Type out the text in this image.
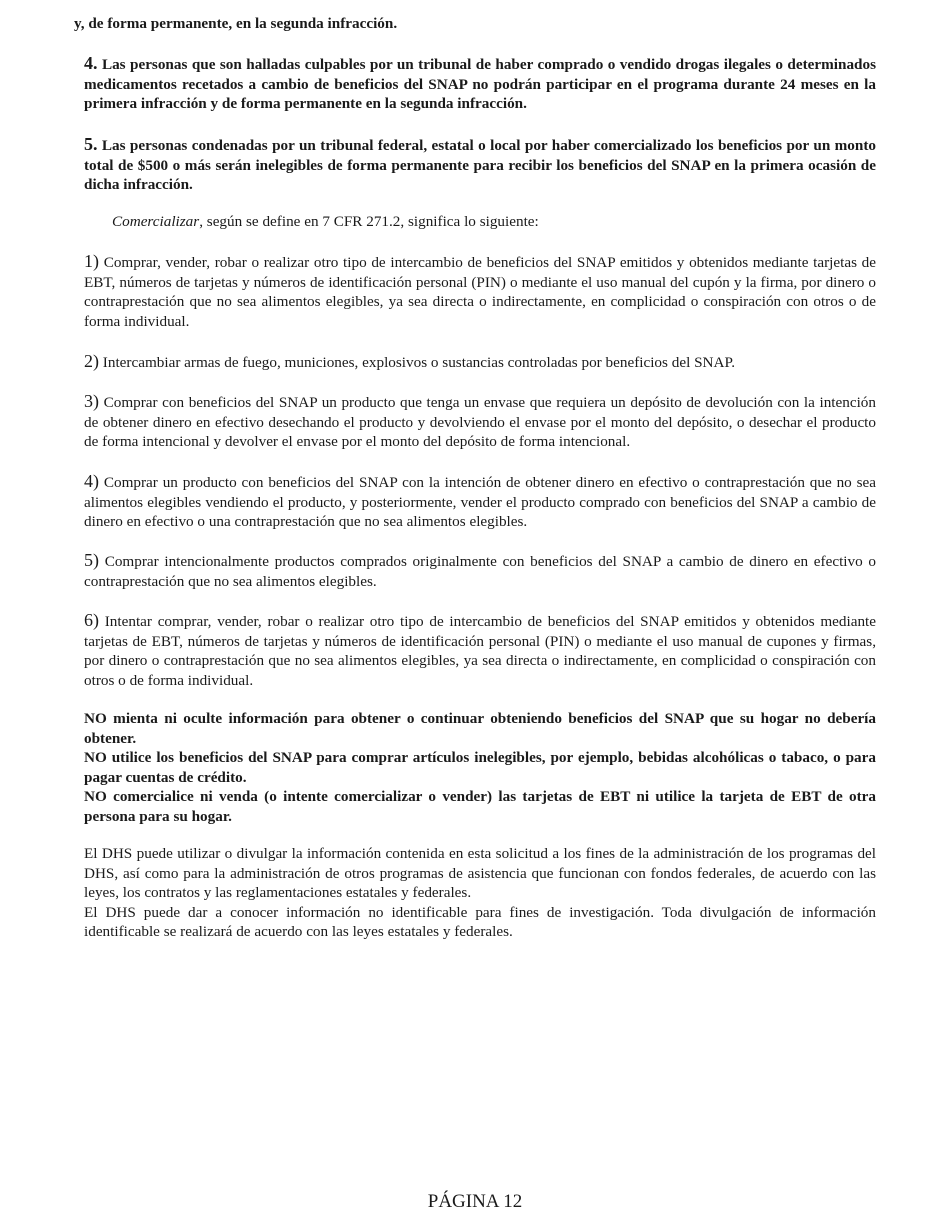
y, de forma permanente, en la segunda infracción.

4. Las personas que son halladas culpables por un tribunal de haber comprado o vendido drogas ilegales o determinados medicamentos recetados a cambio de beneficios del SNAP no podrán participar en el programa durante 24 meses en la primera infracción y de forma permanente en la segunda infracción.

5. Las personas condenadas por un tribunal federal, estatal o local por haber comercializado los beneficios por un monto total de $500 o más serán inelegibles de forma permanente para recibir los beneficios del SNAP en la primera ocasión de dicha infracción.

Comercializar, según se define en 7 CFR 271.2, significa lo siguiente:

1) Comprar, vender, robar o realizar otro tipo de intercambio de beneficios del SNAP emitidos y obtenidos mediante tarjetas de EBT, números de tarjetas y números de identificación personal (PIN) o mediante el uso manual del cupón y la firma, por dinero o contraprestación que no sea alimentos elegibles, ya sea directa o indirectamente, en complicidad o conspiración con otros o de forma individual.

2) Intercambiar armas de fuego, municiones, explosivos o sustancias controladas por beneficios del SNAP.

3) Comprar con beneficios del SNAP un producto que tenga un envase que requiera un depósito de devolución con la intención de obtener dinero en efectivo desechando el producto y devolviendo el envase por el monto del depósito, o desechar el producto de forma intencional y devolver el envase por el monto del depósito de forma intencional.

4) Comprar un producto con beneficios del SNAP con la intención de obtener dinero en efectivo o contraprestación que no sea alimentos elegibles vendiendo el producto, y posteriormente, vender el producto comprado con beneficios del SNAP a cambio de dinero en efectivo o una contraprestación que no sea alimentos elegibles.

5) Comprar intencionalmente productos comprados originalmente con beneficios del SNAP a cambio de dinero en efectivo o contraprestación que no sea alimentos elegibles.

6) Intentar comprar, vender, robar o realizar otro tipo de intercambio de beneficios del SNAP emitidos y obtenidos mediante tarjetas de EBT, números de tarjetas y números de identificación personal (PIN) o mediante el uso manual de cupones y firmas, por dinero o contraprestación que no sea alimentos elegibles, ya sea directa o indirectamente, en complicidad o conspiración con otros o de forma individual.

NO mienta ni oculte información para obtener o continuar obteniendo beneficios del SNAP que su hogar no debería obtener.
NO utilice los beneficios del SNAP para comprar artículos inelegibles, por ejemplo, bebidas alcohólicas o tabaco, o para pagar cuentas de crédito.
NO comercialice ni venda (o intente comercializar o vender) las tarjetas de EBT ni utilice la tarjeta de EBT de otra persona para su hogar.
El DHS puede utilizar o divulgar la información contenida en esta solicitud a los fines de la administración de los programas del DHS, así como para la administración de otros programas de asistencia que funcionan con fondos federales, de acuerdo con las leyes, los contratos y las reglamentaciones estatales y federales.
El DHS puede dar a conocer información no identificable para fines de investigación. Toda divulgación de información identificable se realizará de acuerdo con las leyes estatales y federales.

PÁGINA 12
